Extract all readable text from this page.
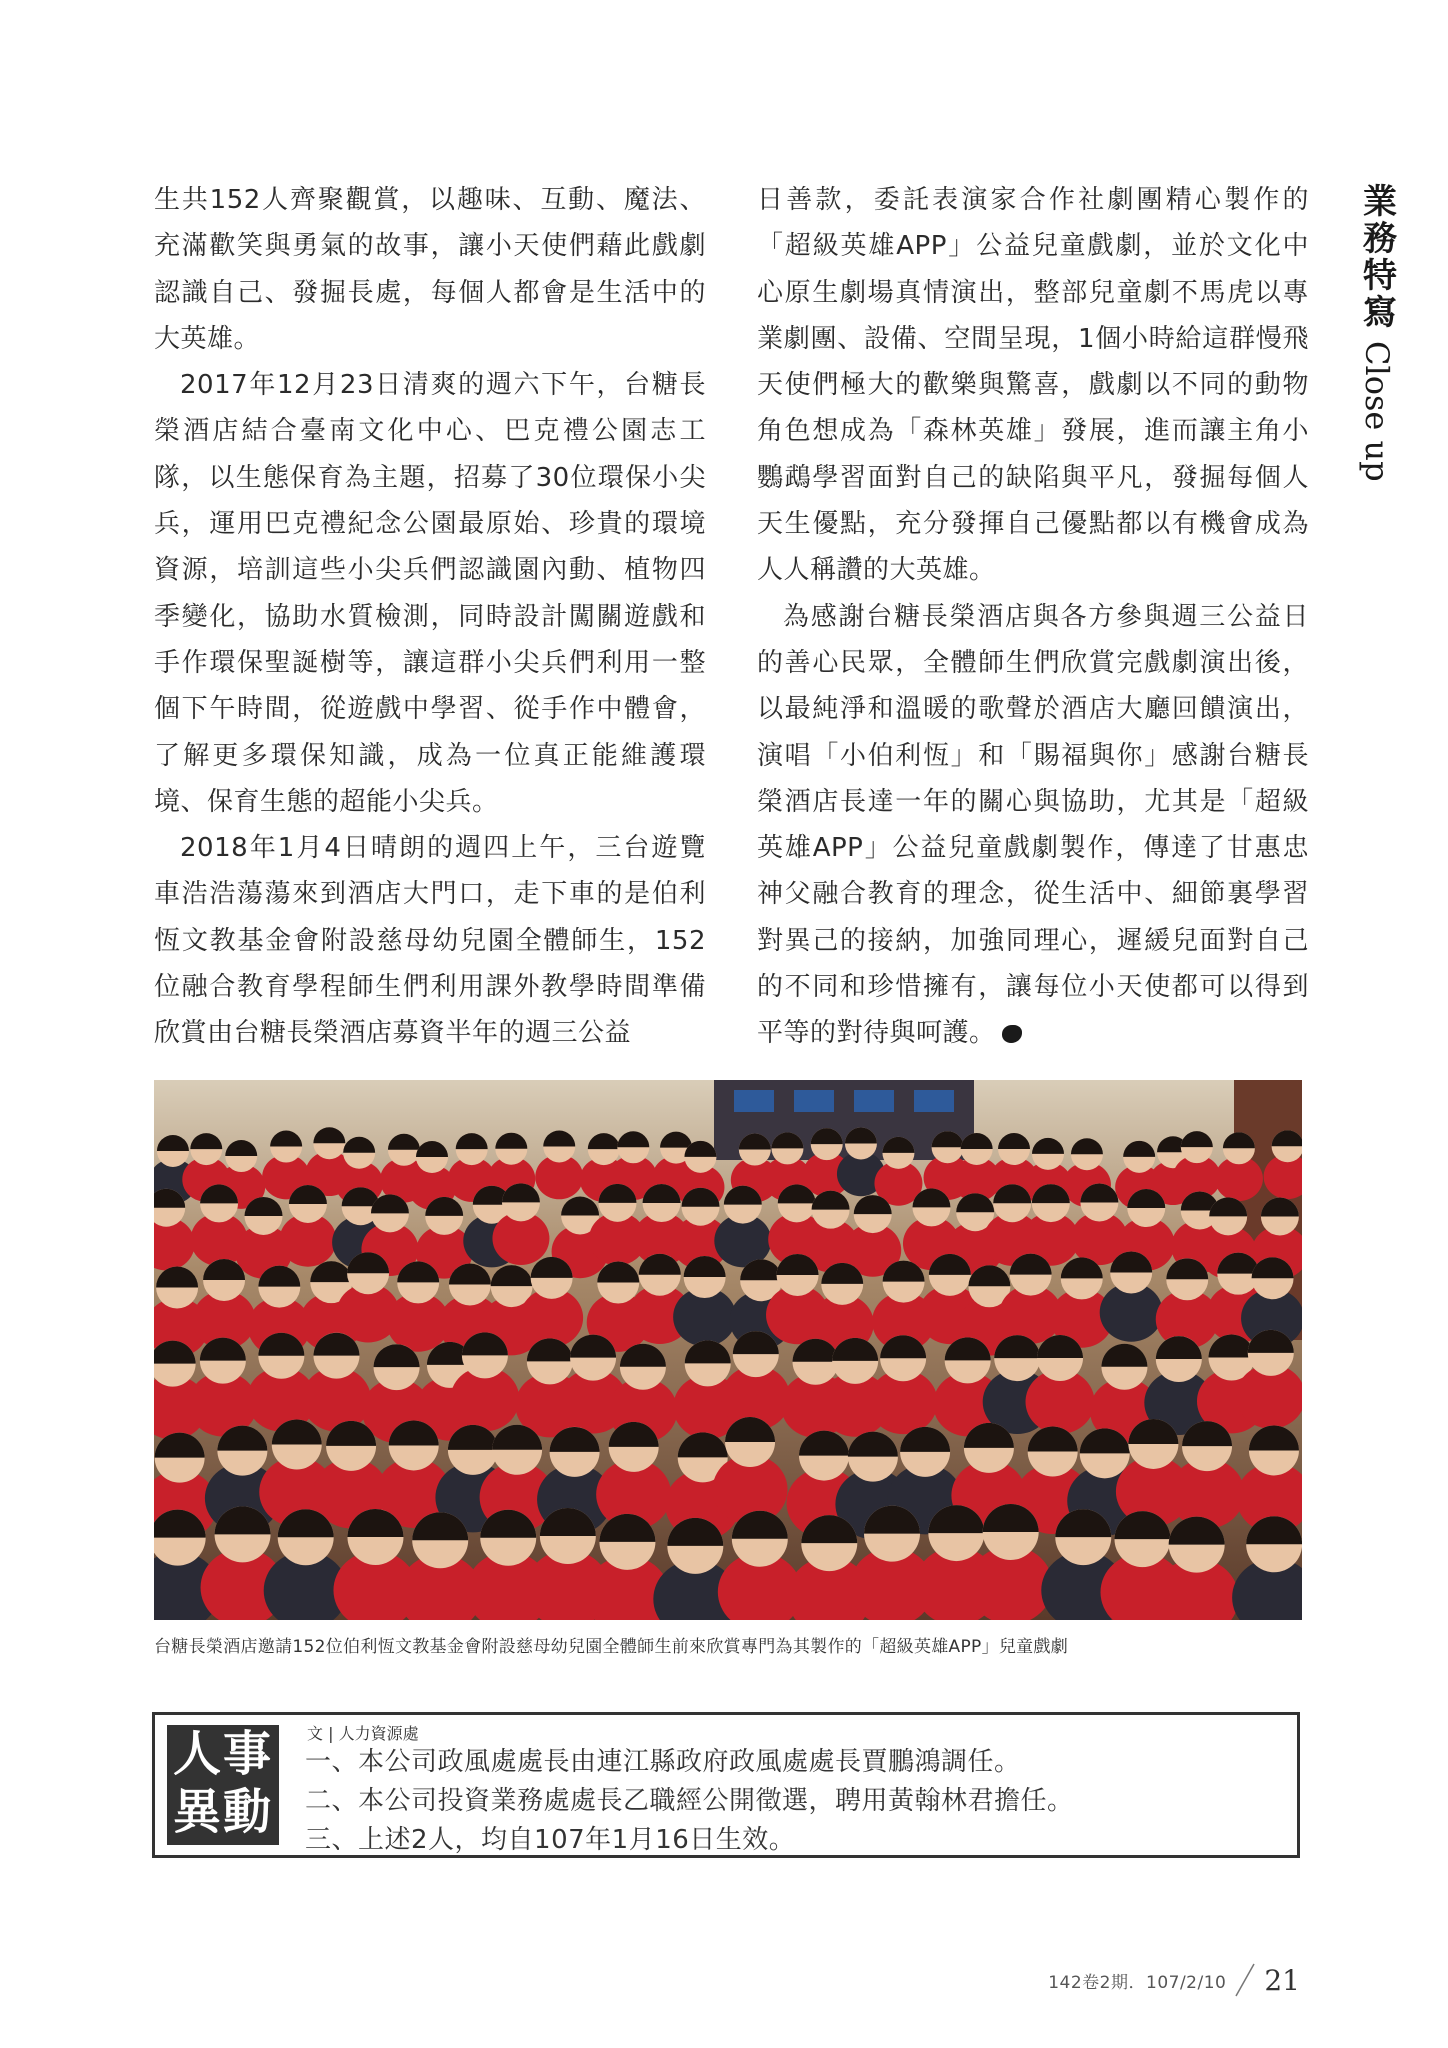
業務特寫
Close up

生共152人齊聚觀賞，以趣味、互動、魔法、充滿歡笑與勇氣的故事，讓小天使們藉此戲劇認識自己、發掘長處，每個人都會是生活中的大英雄。

2017年12月23日清爽的週六下午，台糖長榮酒店結合臺南文化中心、巴克禮公園志工隊，以生態保育為主題，招募了30位環保小尖兵，運用巴克禮紀念公園最原始、珍貴的環境資源，培訓這些小尖兵們認識園內動、植物四季變化，協助水質檢測，同時設計闖關遊戲和手作環保聖誕樹等，讓這群小尖兵們利用一整個下午時間，從遊戲中學習、從手作中體會，了解更多環保知識，成為一位真正能維護環境、保育生態的超能小尖兵。

2018年1月4日晴朗的週四上午，三台遊覽車浩浩蕩蕩來到酒店大門口，走下車的是伯利恆文教基金會附設慈母幼兒園全體師生，152位融合教育學程師生們利用課外教學時間準備欣賞由台糖長榮酒店募資半年的週三公益

日善款，委託表演家合作社劇團精心製作的「超級英雄APP」公益兒童戲劇，並於文化中心原生劇場真情演出，整部兒童劇不馬虎以專業劇團、設備、空間呈現，1個小時給這群慢飛天使們極大的歡樂與驚喜，戲劇以不同的動物角色想成為「森林英雄」發展，進而讓主角小鸚鵡學習面對自己的缺陷與平凡，發掘每個人天生優點，充分發揮自己優點都以有機會成為人人稱讚的大英雄。

為感謝台糖長榮酒店與各方參與週三公益日的善心民眾，全體師生們欣賞完戲劇演出後，以最純淨和溫暖的歌聲於酒店大廳回饋演出，演唱「小伯利恆」和「賜福與你」感謝台糖長榮酒店長達一年的關心與協助，尤其是「超級英雄APP」公益兒童戲劇製作，傳達了甘惠忠神父融合教育的理念，從生活中、細節裏學習對異己的接納，加強同理心，遲緩兒面對自己的不同和珍惜擁有，讓每位小天使都可以得到平等的對待與呵護。

台糖長榮酒店邀請152位伯利恆文教基金會附設慈母幼兒園全體師生前來欣賞專門為其製作的「超級英雄APP」兒童戲劇
人事
異動
文 | 人力資源處
一、本公司政風處處長由連江縣政府政風處處長賈鵬鴻調任。
二、本公司投資業務處處長乙職經公開徵選，聘用黃翰林君擔任。
三、上述2人，均自107年1月16日生效。
142卷2期．107/2/10 21
